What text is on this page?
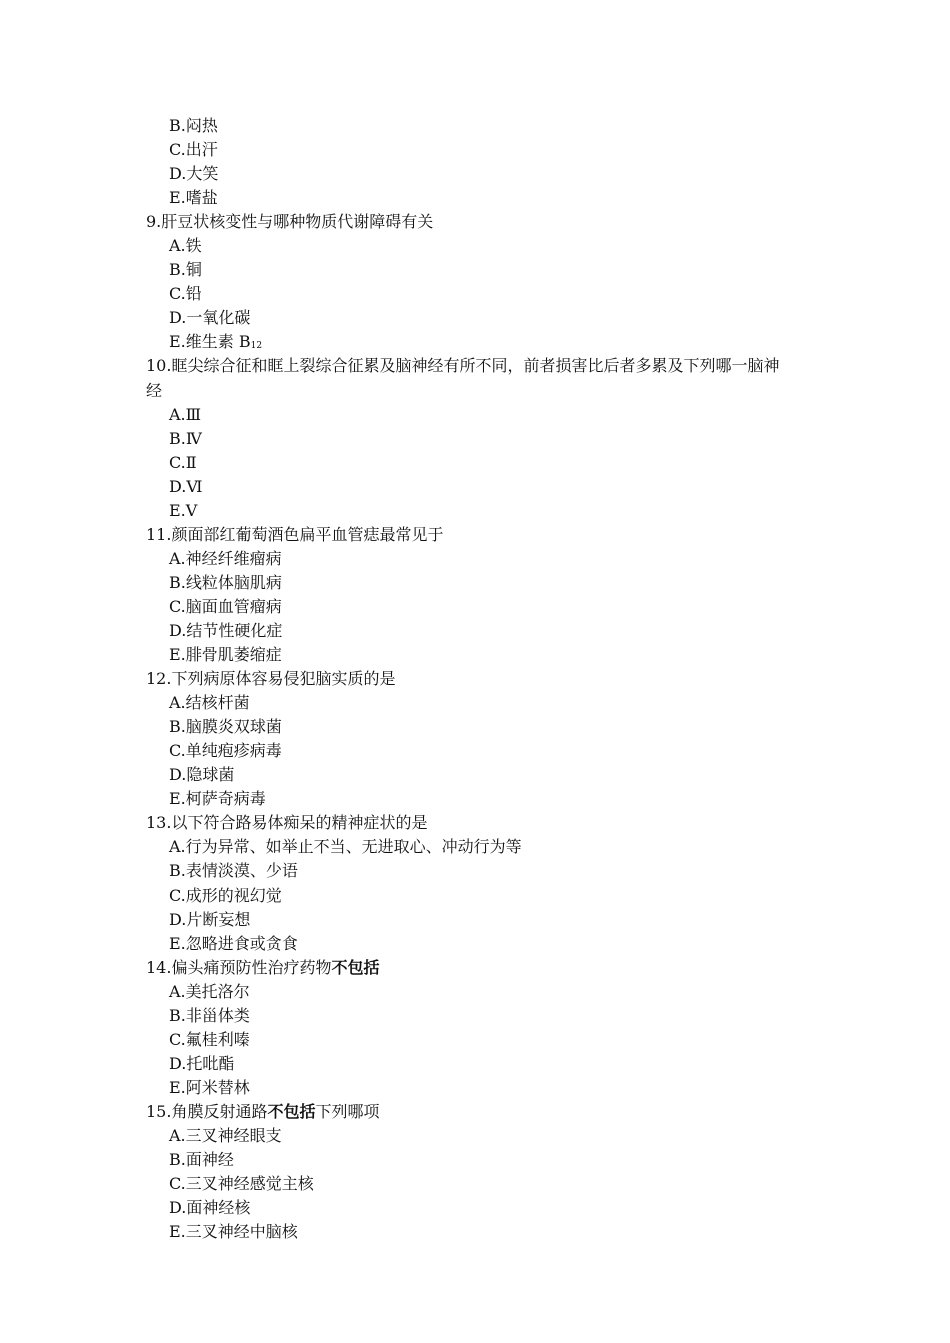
B.闷热
C.出汗
D.大笑
E.嗜盐
9.肝豆状核变性与哪种物质代谢障碍有关
A.铁
B.铜
C.铅
D.一氧化碳
E.维生素 $B_{12}$
10.眶尖综合征和眶上裂综合征累及脑神经有所不同，前者损害比后者多累及下列哪一脑神
经
A.Ⅲ
B.Ⅳ
C.Ⅱ
D.Ⅵ
E.Ⅴ
11.颜面部红葡萄酒色扁平血管痣最常见于
A.神经纤维瘤病
B.线粒体脑肌病
C.脑面血管瘤病
D.结节性硬化症
E.腓骨肌萎缩症
12.下列病原体容易侵犯脑实质的是
A.结核杆菌
B.脑膜炎双球菌
C.单纯疱疹病毒
D.隐球菌
E.柯萨奇病毒
13.以下符合路易体痴呆的精神症状的是
A.行为异常、如举止不当、无进取心、冲动行为等
B.表情淡漠、少语
C.成形的视幻觉
D.片断妄想
E.忽略进食或贪食
14.偏头痛预防性治疗药物不包括
A.美托洛尔
B.非甾体类
C.氟桂利嗪
D.托吡酯
E.阿米替林
15.角膜反射通路不包括下列哪项
A.三叉神经眼支
B.面神经
C.三叉神经感觉主核
D.面神经核
E.三叉神经中脑核
